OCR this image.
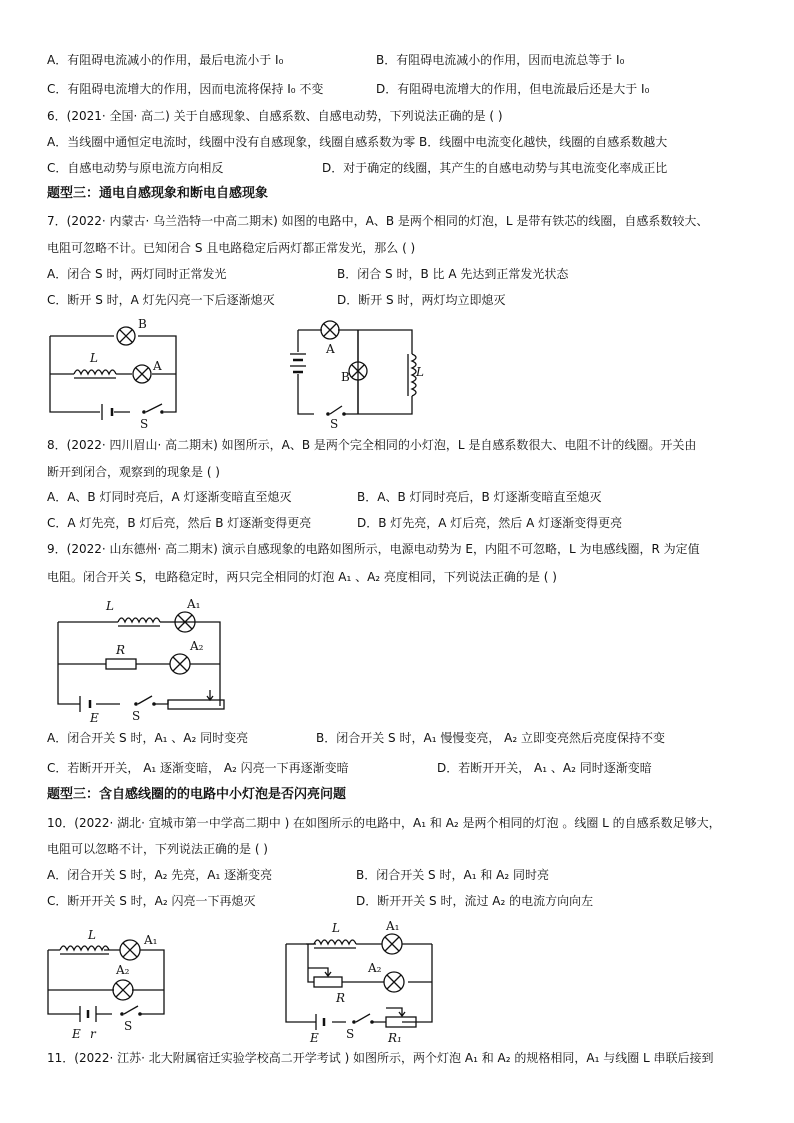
A．有阻碍电流减小的作用，最后电流小于 I₀	B．有阻碍电流减小的作用，因而电流总等于 I₀
C．有阻碍电流增大的作用，因而电流将保持 I₀ 不变	D．有阻碍电流增大的作用，但电流最后还是大于 I₀
6．(2021· 全国· 高二) 关于自感现象、自感系数、自感电动势，下列说法正确的是 ( )
A．当线圈中通恒定电流时，线圈中没有自感现象，线圈自感系数为零 B．线圈中电流变化越快，线圈的自感系数越大
C．自感电动势与原电流方向相反	D．对于确定的线圈，其产生的自感电动势与其电流变化率成正比
题型三：通电自感现象和断电自感现象
7．(2022· 内蒙古· 乌兰浩特一中高二期末) 如图的电路中，A、B 是两个相同的灯泡，L 是带有铁芯的线圈，自感系数较大、
电阻可忽略不计。已知闭合 S 且电路稳定后两灯都正常发光，那么 ( )
A．闭合 S 时，两灯同时正常发光	B．闭合 S 时，B 比 A 先达到正常发光状态
C．断开 S 时，A 灯先闪亮一下后逐渐熄灭	D．断开 S 时，两灯均立即熄灭
B
L
A
S
A
B	L
S
8．(2022· 四川眉山· 高二期末) 如图所示，A、B 是两个完全相同的小灯泡，L 是自感系数很大、电阻不计的线圈。开关由
断开到闭合，观察到的现象是 ( )
A．A、B 灯同时亮后，A 灯逐渐变暗直至熄灭	B．A、B 灯同时亮后，B 灯逐渐变暗直至熄灭
C．A 灯先亮，B 灯后亮，然后 B 灯逐渐变得更亮	D．B 灯先亮，A 灯后亮，然后 A 灯逐渐变得更亮
9．(2022· 山东德州· 高二期末) 演示自感现象的电路如图所示，电源电动势为 E，内阻不可忽略，L 为电感线圈，R 为定值
电阻。闭合开关 S，电路稳定时，两只完全相同的灯泡 A₁ 、A₂ 亮度相同，下列说法正确的是 ( )
L	A₁
R	A₂
E	S
A．闭合开关 S 时，A₁ 、A₂ 同时变亮	B．闭合开关 S 时，A₁ 慢慢变亮， A₂ 立即变亮然后亮度保持不变
C．若断开开关， A₁ 逐渐变暗， A₂ 闪亮一下再逐渐变暗	D．若断开开关， A₁ 、A₂ 同时逐渐变暗
题型三：含自感线圈的的电路中小灯泡是否闪亮问题
10．(2022· 湖北· 宜城市第一中学高二期中 ) 在如图所示的电路中，A₁ 和 A₂ 是两个相同的灯泡 。线圈 L 的自感系数足够大，
电阻可以忽略不计，下列说法正确的是 ( )
A．闭合开关 S 时，A₂ 先亮，A₁ 逐渐变亮	B．闭合开关 S 时，A₁ 和 A₂ 同时亮
C．断开开关 S 时，A₂ 闪亮一下再熄灭	D．断开开关 S 时，流过 A₂ 的电流方向向左
L	A₁
A₂
E r
S
L	A₁
R
A₂
E S	R₁
11．(2022· 江苏· 北大附属宿迁实验学校高二开学考试 ) 如图所示，两个灯泡 A₁ 和 A₂ 的规格相同，A₁ 与线圈 L 串联后接到
